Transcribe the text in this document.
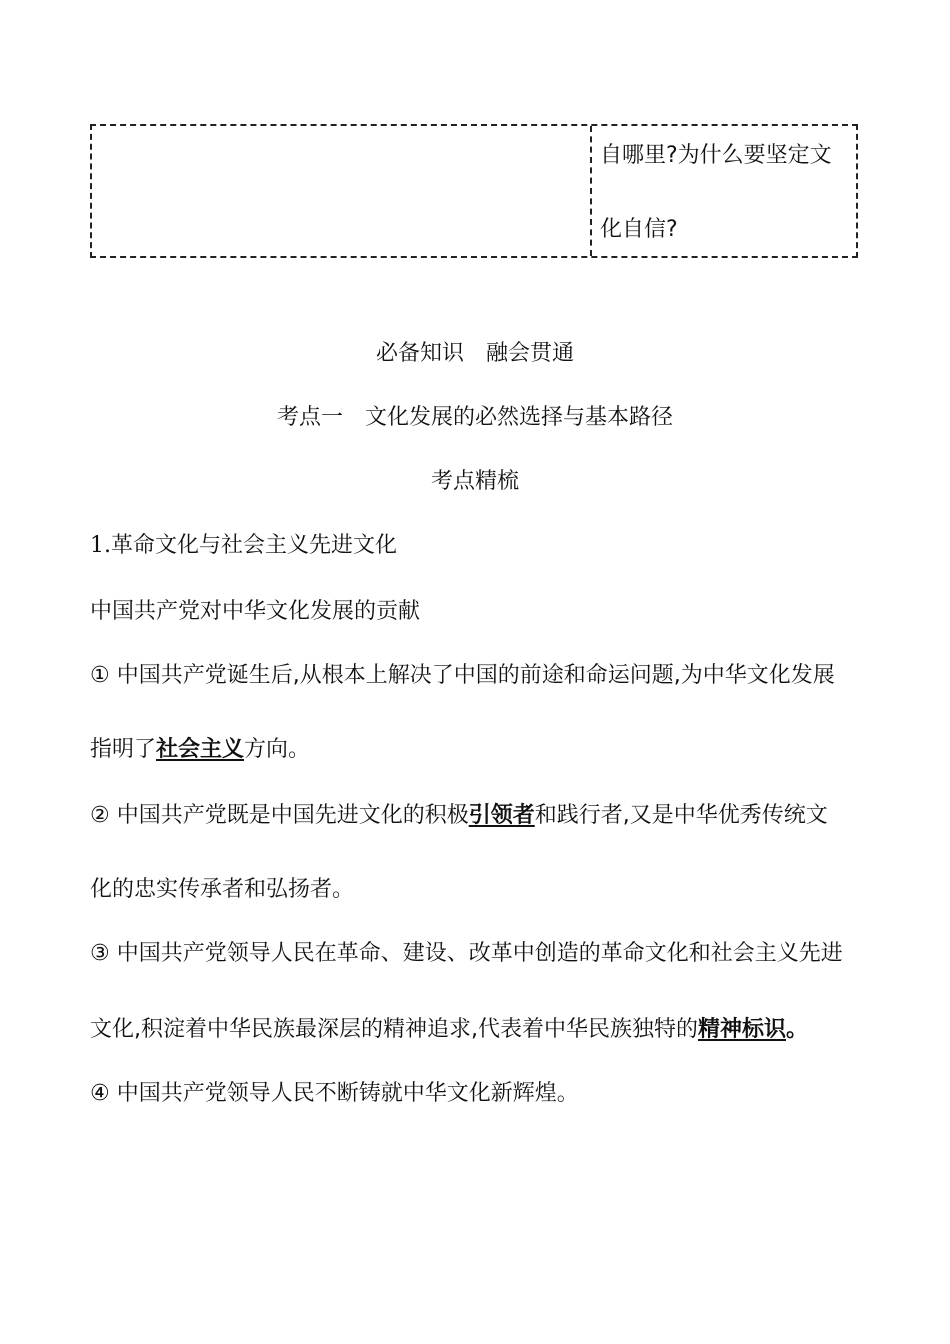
自哪里?为什么要坚定文
化自信?
必备知识　融会贯通
考点一　文化发展的必然选择与基本路径
考点精梳
1.革命文化与社会主义先进文化
中国共产党对中华文化发展的贡献
① 中国共产党诞生后,从根本上解决了中国的前途和命运问题,为中华文化发展
指明了社会主义方向。
② 中国共产党既是中国先进文化的积极引领者和践行者,又是中华优秀传统文
化的忠实传承者和弘扬者。
③ 中国共产党领导人民在革命、建设、改革中创造的革命文化和社会主义先进
文化,积淀着中华民族最深层的精神追求,代表着中华民族独特的精神标识。
④ 中国共产党领导人民不断铸就中华文化新辉煌。
